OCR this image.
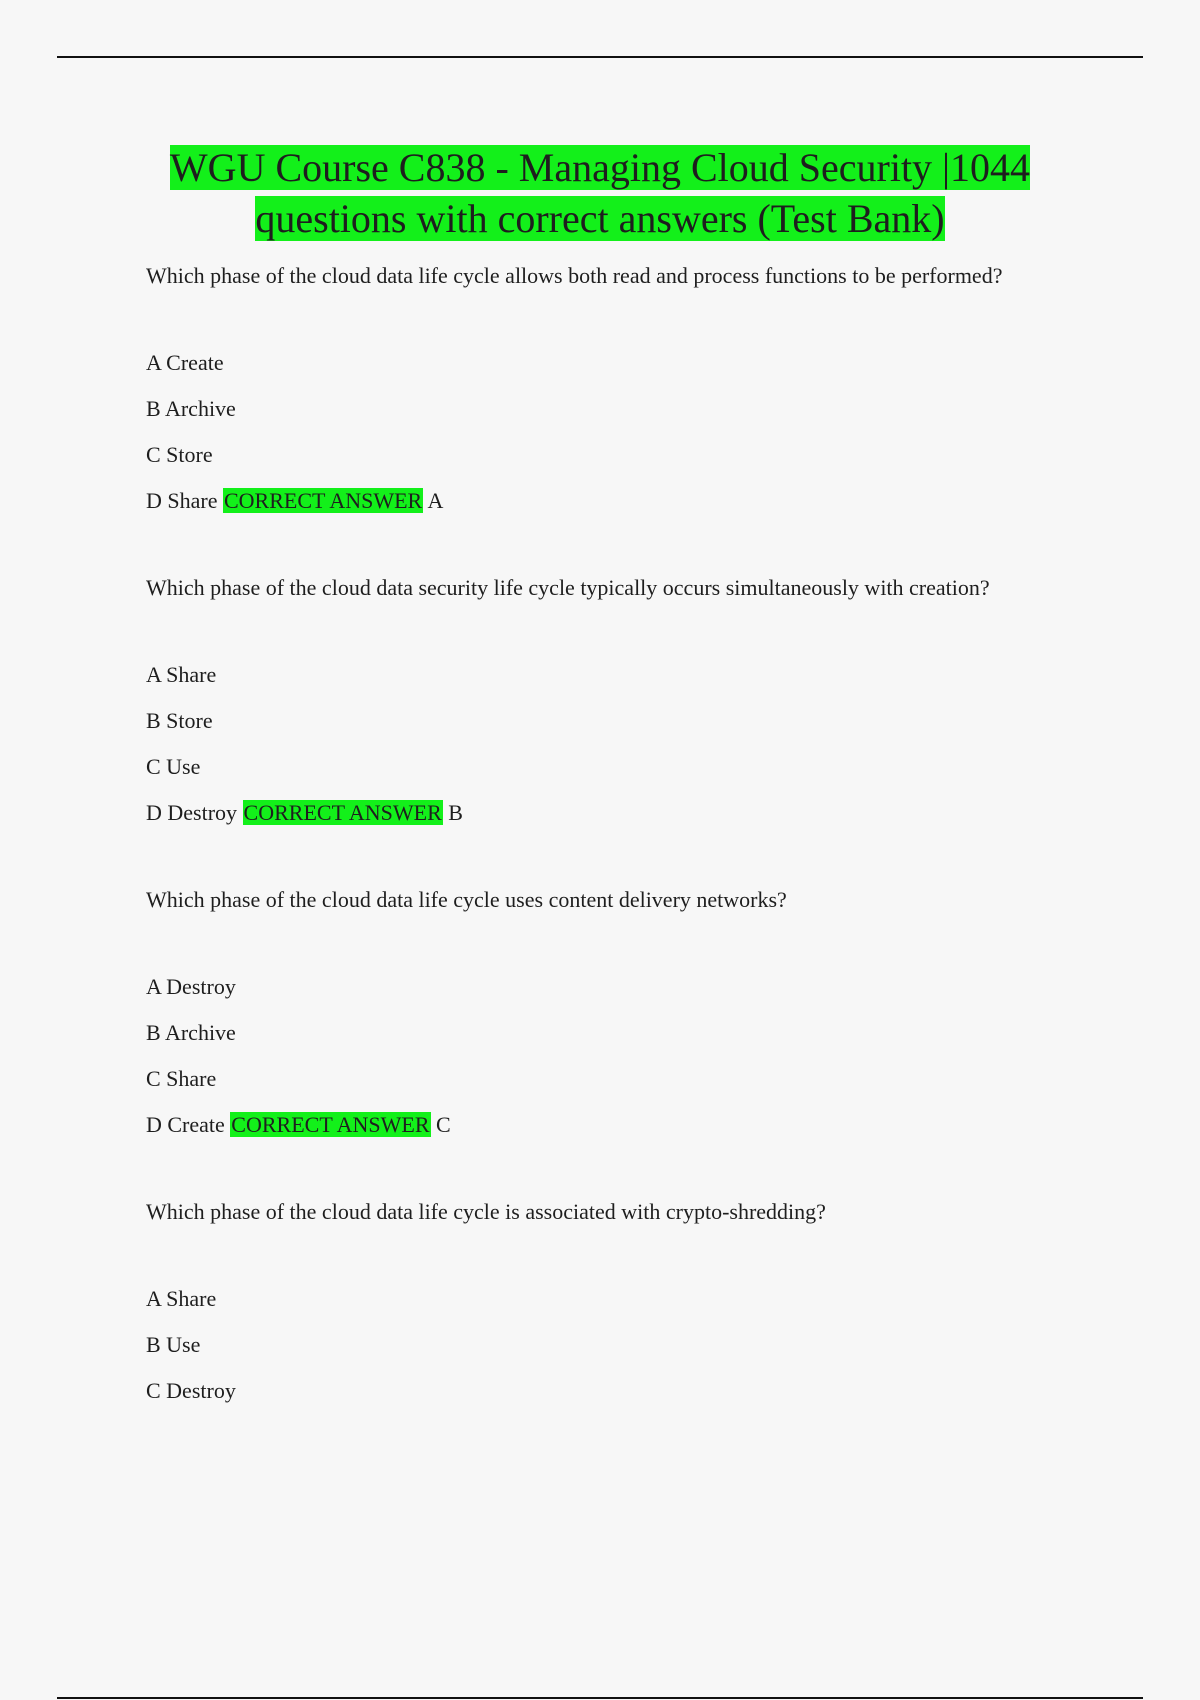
WGU Course C838 - Managing Cloud Security |1044
questions with correct answers (Test Bank)

Which phase of the cloud data life cycle allows both read and process functions to be performed?

A Create

B Archive

C Store

D Share CORRECT ANSWER A

Which phase of the cloud data security life cycle typically occurs simultaneously with creation?

A Share

B Store

C Use

D Destroy CORRECT ANSWER B

Which phase of the cloud data life cycle uses content delivery networks?

A Destroy

B Archive

C Share

D Create CORRECT ANSWER C

Which phase of the cloud data life cycle is associated with crypto-shredding?

A Share

B Use

C Destroy
